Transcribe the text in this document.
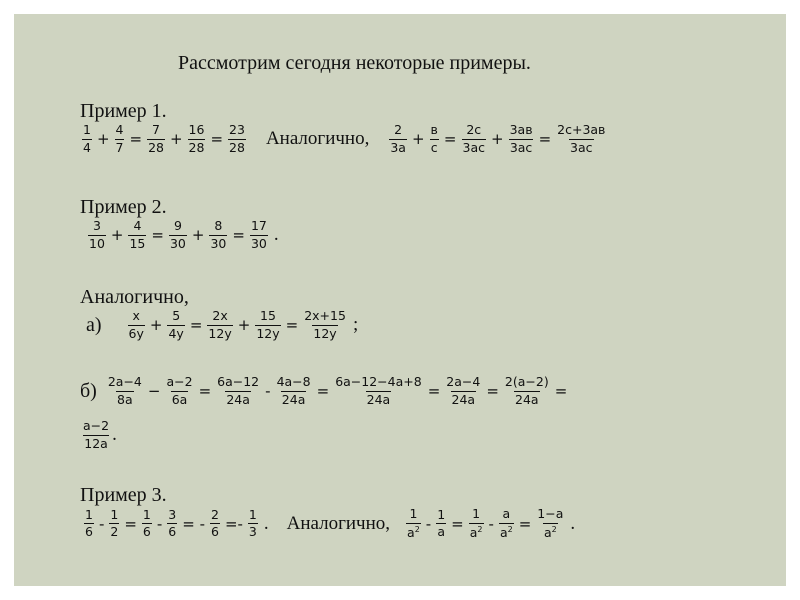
Рассмотрим сегодня некоторые примеры.
Пример 1.
$\frac{1}{4} + \frac{4}{7} = \frac{7}{28} + \frac{16}{28} = \frac{23}{28}$ Аналогично, $\frac{2}{3а} + \frac{в}{с} = \frac{2с}{3ас} + \frac{3ав}{3ас} = \frac{2с+3ав}{3ас}$
Пример 2.
$\frac{3}{10} + \frac{4}{15} = \frac{9}{30} + \frac{8}{30} = \frac{17}{30}$ .
Аналогично,
$а) \frac{x}{6y} + \frac{5}{4y} = \frac{2x}{12y} + \frac{15}{12y} = \frac{2x+15}{12y}$ ;
$б) \frac{2а-4}{8а} - \frac{а-2}{6а} = \frac{6а-12}{24а} - \frac{4а-8}{24а} = \frac{6а-12-4а+8}{24а} = \frac{2а-4}{24а} = \frac{2(а-2)}{24а}$ =
$\frac{а-2}{12а}$ .
Пример 3.
$\frac{1}{6} - \frac{1}{2} = \frac{1}{6} - \frac{3}{6}$ = - $\frac{2}{6} =- \frac{1}{3}$ . Аналогично, $\frac{1}{а^2} - \frac{1}{а} = \frac{1}{а^2} - \frac{а}{а^2} = \frac{1-а}{а^2}$ .
